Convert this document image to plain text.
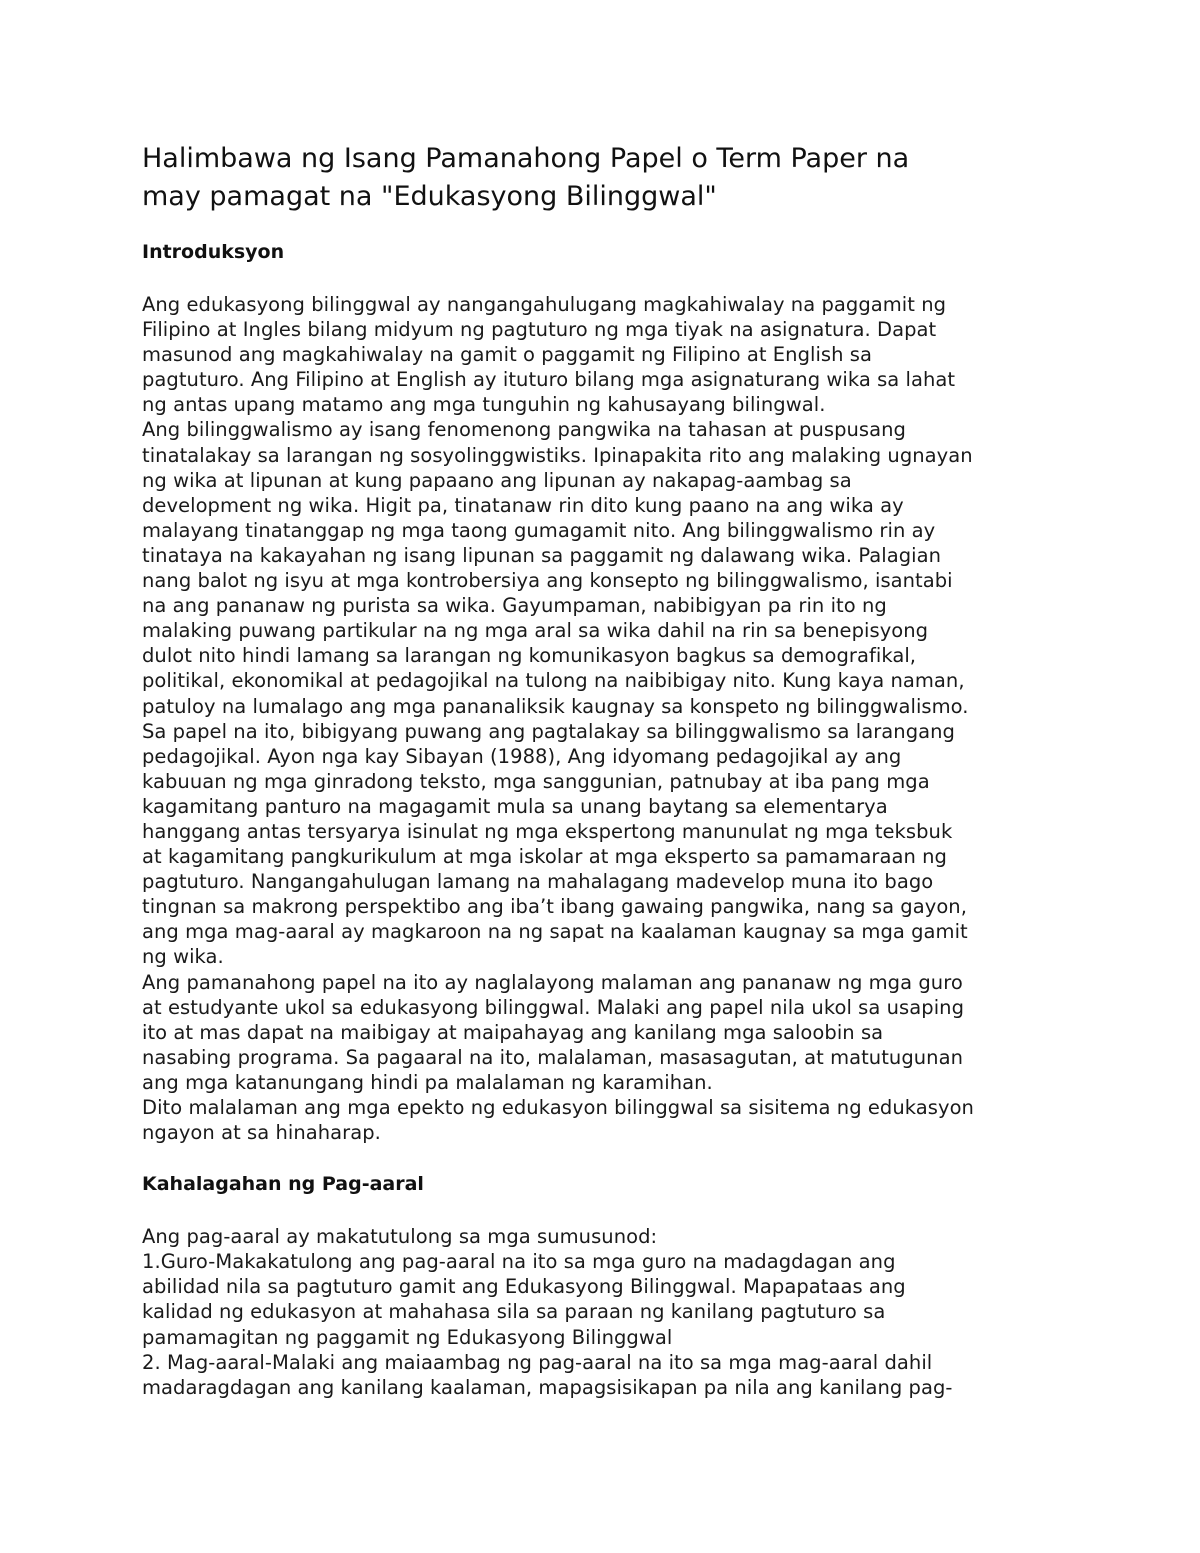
Halimbawa ng Isang Pamanahong Papel o Term Paper na
may pamagat na "Edukasyong Bilinggwal"
Introduksyon

Ang edukasyong bilinggwal ay nangangahulugang magkahiwalay na paggamit ng
Filipino at Ingles bilang midyum ng pagtuturo ng mga tiyak na asignatura. Dapat
masunod ang magkahiwalay na gamit o paggamit ng Filipino at English sa
pagtuturo. Ang Filipino at English ay ituturo bilang mga asignaturang wika sa lahat
ng antas upang matamo ang mga tunguhin ng kahusayang bilingwal.

Ang bilinggwalismo ay isang fenomenong pangwika na tahasan at puspusang
tinatalakay sa larangan ng sosyolinggwistiks. Ipinapakita rito ang malaking ugnayan
ng wika at lipunan at kung papaano ang lipunan ay nakapag-aambag sa
development ng wika. Higit pa, tinatanaw rin dito kung paano na ang wika ay
malayang tinatanggap ng mga taong gumagamit nito. Ang bilinggwalismo rin ay
tinataya na kakayahan ng isang lipunan sa paggamit ng dalawang wika. Palagian
nang balot ng isyu at mga kontrobersiya ang konsepto ng bilinggwalismo, isantabi
na ang pananaw ng purista sa wika. Gayumpaman, nabibigyan pa rin ito ng
malaking puwang partikular na ng mga aral sa wika dahil na rin sa benepisyong
dulot nito hindi lamang sa larangan ng komunikasyon bagkus sa demografikal,
politikal, ekonomikal at pedagojikal na tulong na naibibigay nito. Kung kaya naman,
patuloy na lumalago ang mga pananaliksik kaugnay sa konspeto ng bilinggwalismo.
Sa papel na ito, bibigyang puwang ang pagtalakay sa bilinggwalismo sa larangang
pedagojikal. Ayon nga kay Sibayan (1988), Ang idyomang pedagojikal ay ang
kabuuan ng mga ginradong teksto, mga sanggunian, patnubay at iba pang mga
kagamitang panturo na magagamit mula sa unang baytang sa elementarya
hanggang antas tersyarya isinulat ng mga ekspertong manunulat ng mga teksbuk
at kagamitang pangkurikulum at mga iskolar at mga eksperto sa pamamaraan ng
pagtuturo. Nangangahulugan lamang na mahalagang madevelop muna ito bago
tingnan sa makrong perspektibo ang iba’t ibang gawaing pangwika, nang sa gayon,
ang mga mag-aaral ay magkaroon na ng sapat na kaalaman kaugnay sa mga gamit
ng wika.

Ang pamanahong papel na ito ay naglalayong malaman ang pananaw ng mga guro
at estudyante ukol sa edukasyong bilinggwal. Malaki ang papel nila ukol sa usaping
ito at mas dapat na maibigay at maipahayag ang kanilang mga saloobin sa
nasabing programa. Sa pagaaral na ito, malalaman, masasagutan, at matutugunan
ang mga katanungang hindi pa malalaman ng karamihan.

Dito malalaman ang mga epekto ng edukasyon bilinggwal sa sisitema ng edukasyon
ngayon at sa hinaharap.

Kahalagahan ng Pag-aaral

Ang pag-aaral ay makatutulong sa mga sumusunod:

1.Guro-Makakatulong ang pag-aaral na ito sa mga guro na madagdagan ang
abilidad nila sa pagtuturo gamit ang Edukasyong Bilinggwal. Mapapataas ang
kalidad ng edukasyon at mahahasa sila sa paraan ng kanilang pagtuturo sa
pamamagitan ng paggamit ng Edukasyong Bilinggwal

2. Mag-aaral-Malaki ang maiaambag ng pag-aaral na ito sa mga mag-aaral dahil
madaragdagan ang kanilang kaalaman, mapagsisikapan pa nila ang kanilang pag-
